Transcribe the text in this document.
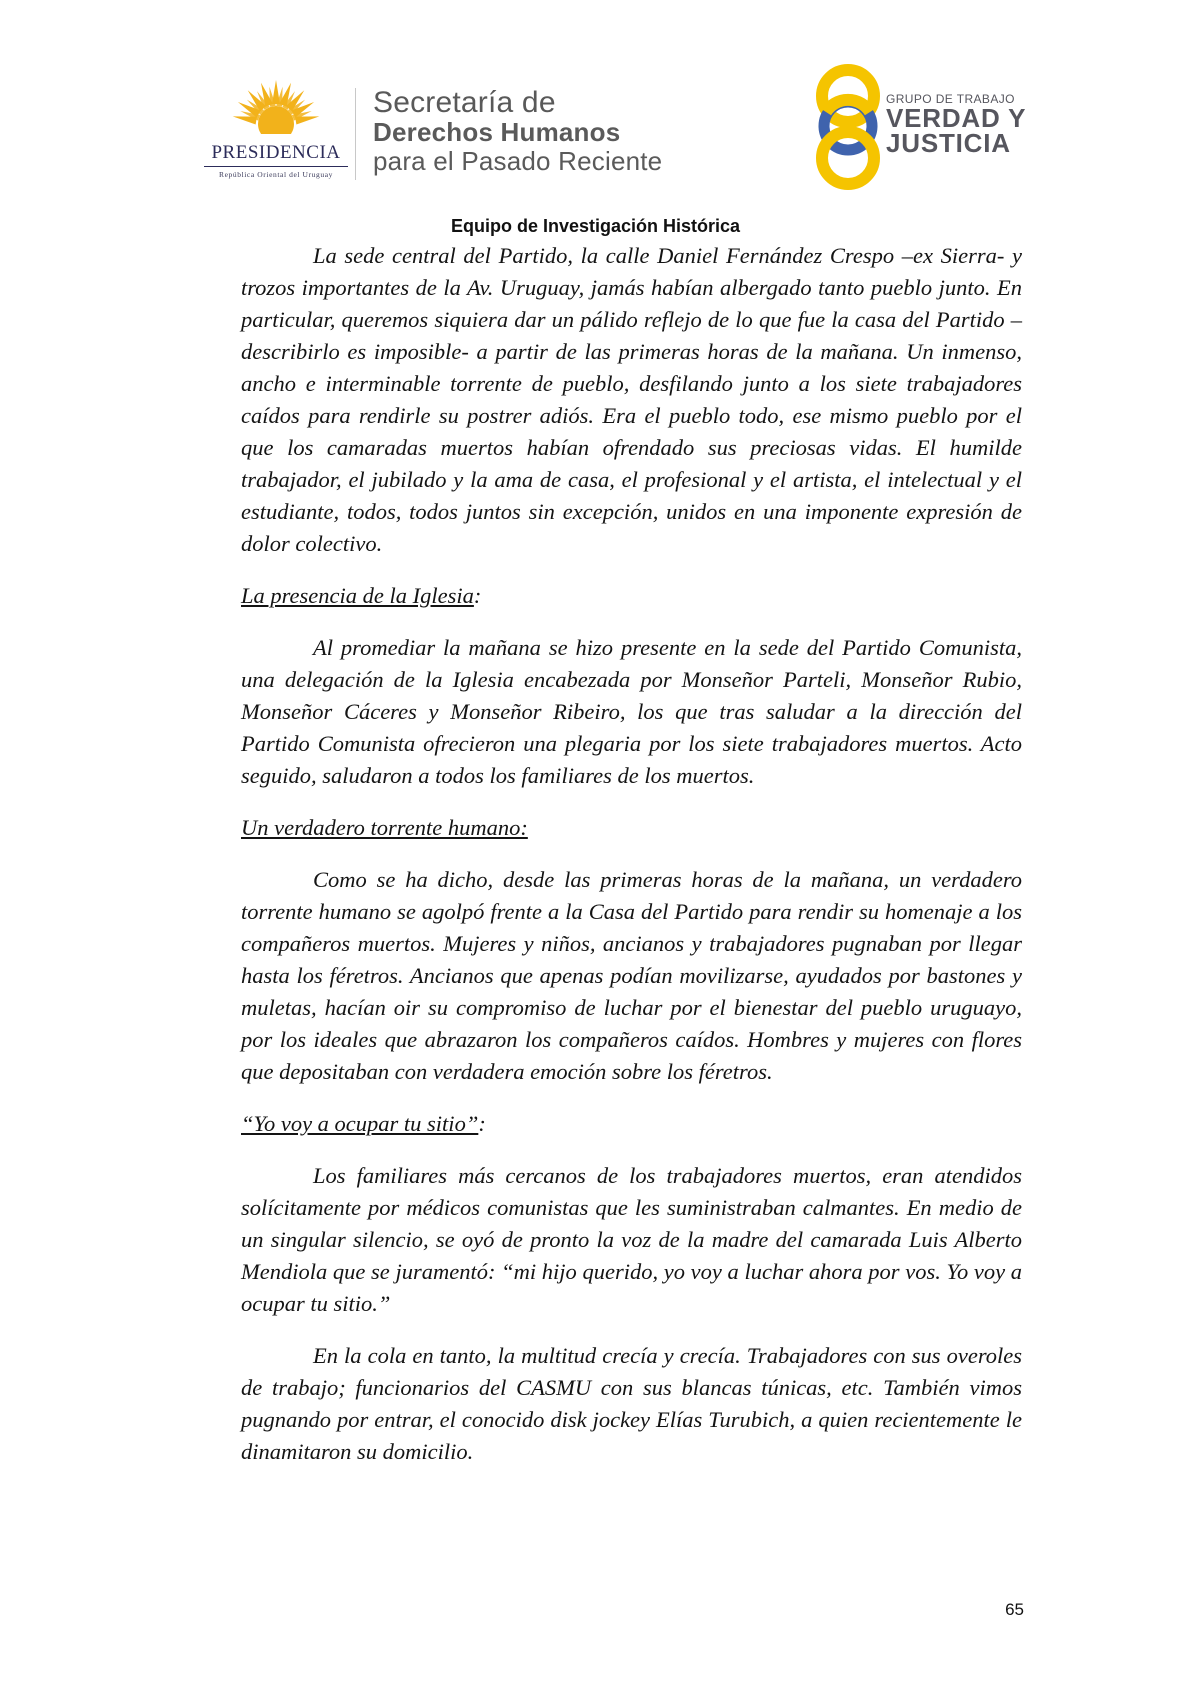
PRESIDENCIA
República Oriental del Uruguay
Secretaría de
Derechos Humanos
para el Pasado Reciente
GRUPO DE TRABAJO
VERDAD Y
JUSTICIA
Equipo de Investigación Histórica

La sede central del Partido, la calle Daniel Fernández Crespo –ex Sierra- y trozos importantes de la Av. Uruguay, jamás habían albergado tanto pueblo junto. En particular, queremos siquiera dar un pálido reflejo de lo que fue la casa del Partido –describirlo es imposible- a partir de las primeras horas de la mañana. Un inmenso, ancho e interminable torrente de pueblo, desfilando junto a los siete trabajadores caídos para rendirle su postrer adiós. Era el pueblo todo, ese mismo pueblo por el que los camaradas muertos habían ofrendado sus preciosas vidas. El humilde trabajador, el jubilado y la ama de casa, el profesional y el artista, el intelectual y el estudiante, todos, todos juntos sin excepción, unidos en una imponente expresión de dolor colectivo.

La presencia de la Iglesia:

Al promediar la mañana se hizo presente en la sede del Partido Comunista, una delegación de la Iglesia encabezada por Monseñor Parteli, Monseñor Rubio, Monseñor Cáceres y Monseñor Ribeiro, los que tras saludar a la dirección del Partido Comunista ofrecieron una plegaria por los siete trabajadores muertos. Acto seguido, saludaron a todos los familiares de los muertos.

Un verdadero torrente humano:

Como se ha dicho, desde las primeras horas de la mañana, un verdadero torrente humano se agolpó frente a la Casa del Partido para rendir su homenaje a los compañeros muertos. Mujeres y niños, ancianos y trabajadores pugnaban por llegar hasta los féretros. Ancianos que apenas podían movilizarse, ayudados por bastones y muletas, hacían oir su compromiso de luchar por el bienestar del pueblo uruguayo, por los ideales que abrazaron los compañeros caídos. Hombres y mujeres con flores que depositaban con verdadera emoción sobre los féretros.

“Yo voy a ocupar tu sitio”:

Los familiares más cercanos de los trabajadores muertos, eran atendidos solícitamente por médicos comunistas que les suministraban calmantes. En medio de un singular silencio, se oyó de pronto la voz de la madre del camarada Luis Alberto Mendiola que se juramentó: “mi hijo querido, yo voy a luchar ahora por vos. Yo voy a ocupar tu sitio.”

En la cola en tanto, la multitud crecía y crecía. Trabajadores con sus overoles de trabajo; funcionarios del CASMU con sus blancas túnicas, etc. También vimos pugnando por entrar, el conocido disk jockey Elías Turubich, a quien recientemente le dinamitaron su domicilio.

65
